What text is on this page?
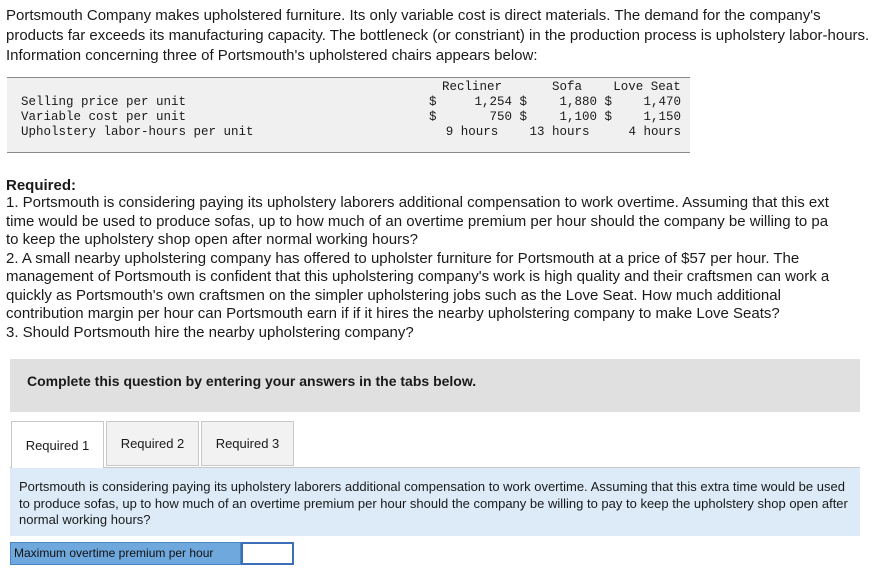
Portsmouth Company makes upholstered furniture. Its only variable cost is direct materials. The demand for the company's products far exceeds its manufacturing capacity. The bottleneck (or constriant) in the production process is upholstery labor-hours. Information concerning three of Portsmouth's upholstered chairs appears below:
Recliner	Sofa	Love Seat
Selling price per unit	$	1,254 $	1,880 $	1,470
Variable cost per unit	$	750 $	1,100 $	1,150
Upholstery labor-hours per unit	9 hours	13 hours	4 hours
Required:
1. Portsmouth is considering paying its upholstery laborers additional compensation to work overtime. Assuming that this ext
time would be used to produce sofas, up to how much of an overtime premium per hour should the company be willing to pa
to keep the upholstery shop open after normal working hours?
2. A small nearby upholstering company has offered to upholster furniture for Portsmouth at a price of $57 per hour. The
management of Portsmouth is confident that this upholstering company's work is high quality and their craftsmen can work a
quickly as Portsmouth's own craftsmen on the simpler upholstering jobs such as the Love Seat. How much additional
contribution margin per hour can Portsmouth earn if if it hires the nearby upholstering company to make Love Seats?
3. Should Portsmouth hire the nearby upholstering company?
Complete this question by entering your answers in the tabs below.
Required 1	Required 2	Required 3
Portsmouth is considering paying its upholstery laborers additional compensation to work overtime. Assuming that this extra time would be used to produce sofas, up to how much of an overtime premium per hour should the company be willing to pay to keep the upholstery shop open after normal working hours?
Maximum overtime premium per hour
